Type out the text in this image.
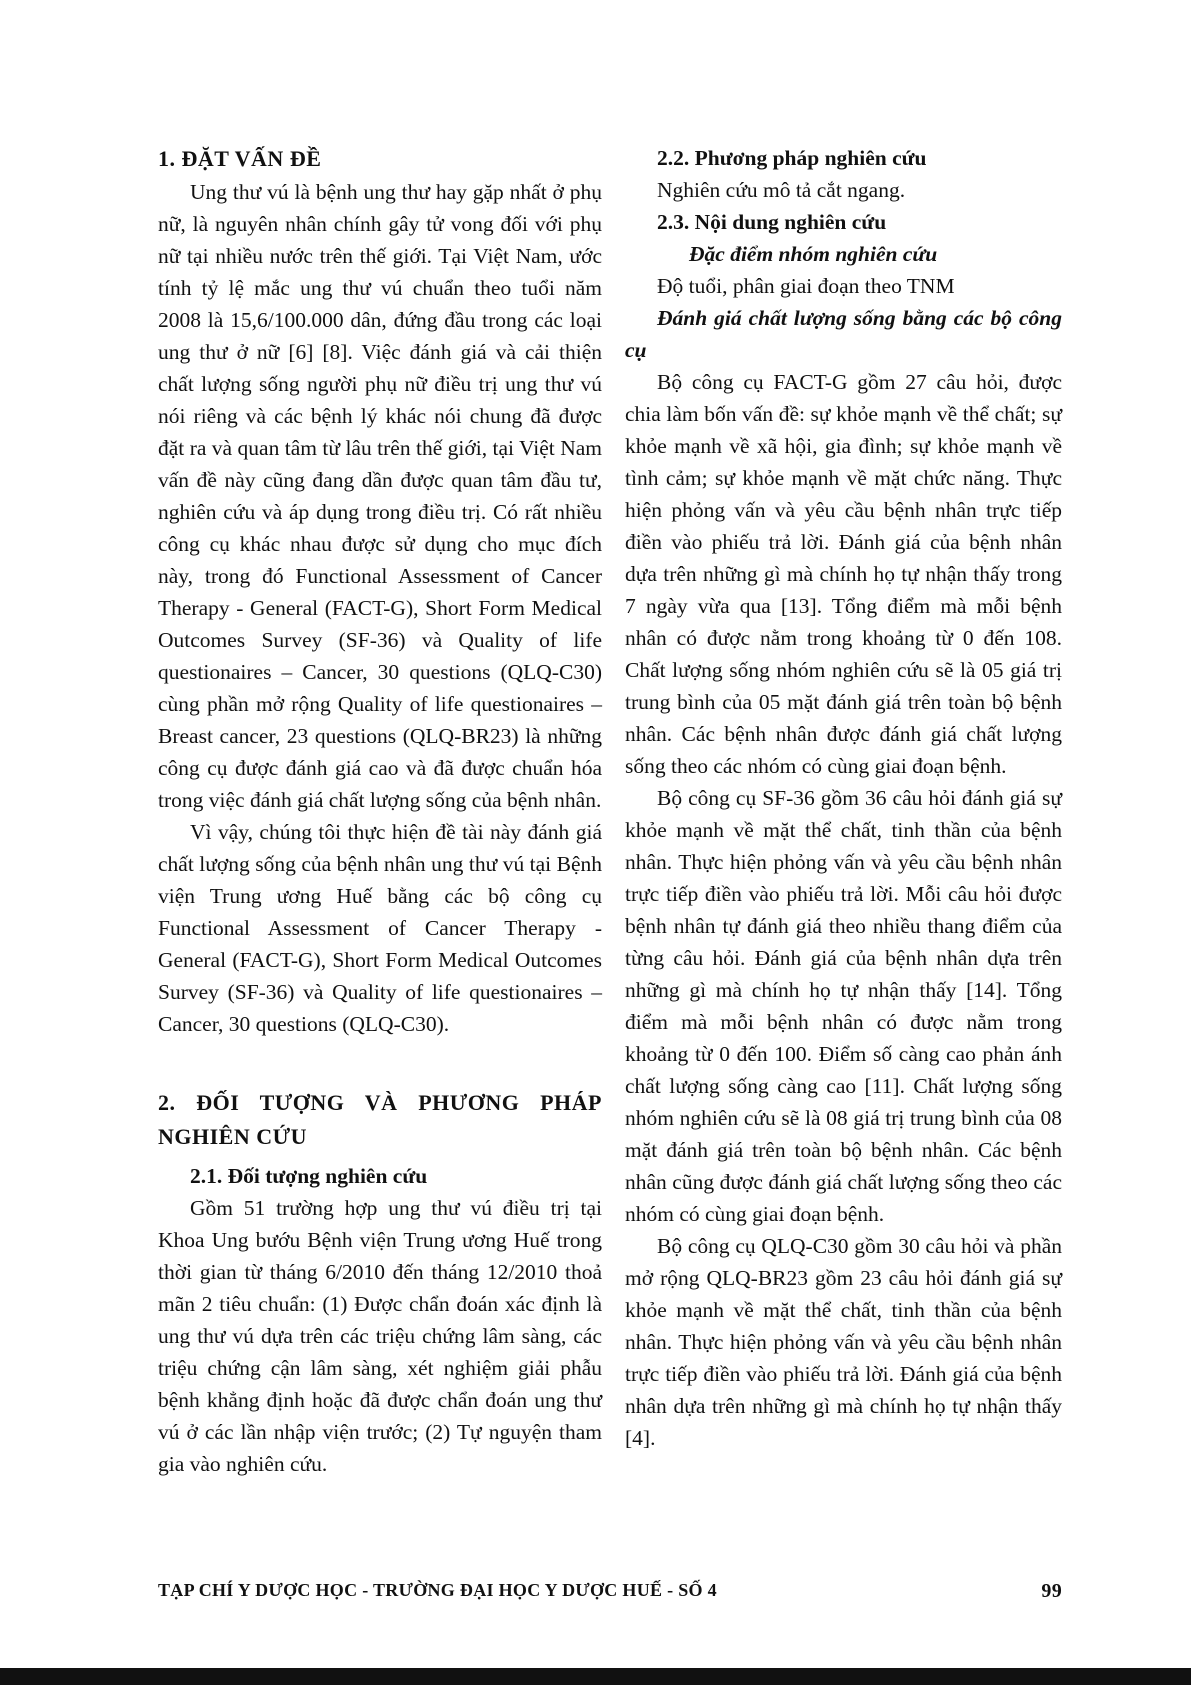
1. ĐẶT VẤN ĐỀ

Ung thư vú là bệnh ung thư hay gặp nhất ở phụ nữ, là nguyên nhân chính gây tử vong đối với phụ nữ tại nhiều nước trên thế giới. Tại Việt Nam, ước tính tỷ lệ mắc ung thư vú chuẩn theo tuổi năm 2008 là 15,6/100.000 dân, đứng đầu trong các loại ung thư ở nữ [6] [8]. Việc đánh giá và cải thiện chất lượng sống người phụ nữ điều trị ung thư vú nói riêng và các bệnh lý khác nói chung đã được đặt ra và quan tâm từ lâu trên thế giới, tại Việt Nam vấn đề này cũng đang dần được quan tâm đầu tư, nghiên cứu và áp dụng trong điều trị. Có rất nhiều công cụ khác nhau được sử dụng cho mục đích này, trong đó Functional Assessment of Cancer Therapy - General (FACT-G), Short Form Medical Outcomes Survey (SF-36) và Quality of life questionaires – Cancer, 30 questions (QLQ-C30) cùng phần mở rộng Quality of life questionaires – Breast cancer, 23 questions (QLQ-BR23) là những công cụ được đánh giá cao và đã được chuẩn hóa trong việc đánh giá chất lượng sống của bệnh nhân.

Vì vậy, chúng tôi thực hiện đề tài này đánh giá chất lượng sống của bệnh nhân ung thư vú tại Bệnh viện Trung ương Huế bằng các bộ công cụ Functional Assessment of Cancer Therapy - General (FACT-G), Short Form Medical Outcomes Survey (SF-36) và Quality of life questionaires – Cancer, 30 questions (QLQ-C30).

2. ĐỐI TƯỢNG VÀ PHƯƠNG PHÁP NGHIÊN CỨU
2.1. Đối tượng nghiên cứu

Gồm 51 trường hợp ung thư vú điều trị tại Khoa Ung bướu Bệnh viện Trung ương Huế trong thời gian từ tháng 6/2010 đến tháng 12/2010 thoả mãn 2 tiêu chuẩn: (1) Được chẩn đoán xác định là ung thư vú dựa trên các triệu chứng lâm sàng, các triệu chứng cận lâm sàng, xét nghiệm giải phẫu bệnh khẳng định hoặc đã được chẩn đoán ung thư vú ở các lần nhập viện trước; (2) Tự nguyện tham gia vào nghiên cứu.

2.2. Phương pháp nghiên cứu

Nghiên cứu mô tả cắt ngang.

2.3. Nội dung nghiên cứu

Đặc điểm nhóm nghiên cứu

Độ tuổi, phân giai đoạn theo TNM

Đánh giá chất lượng sống bằng các bộ công cụ

Bộ công cụ FACT-G gồm 27 câu hỏi, được chia làm bốn vấn đề: sự khỏe mạnh về thể chất; sự khỏe mạnh về xã hội, gia đình; sự khỏe mạnh về tình cảm; sự khỏe mạnh về mặt chức năng. Thực hiện phỏng vấn và yêu cầu bệnh nhân trực tiếp điền vào phiếu trả lời. Đánh giá của bệnh nhân dựa trên những gì mà chính họ tự nhận thấy trong 7 ngày vừa qua [13]. Tổng điểm mà mỗi bệnh nhân có được nằm trong khoảng từ 0 đến 108. Chất lượng sống nhóm nghiên cứu sẽ là 05 giá trị trung bình của 05 mặt đánh giá trên toàn bộ bệnh nhân. Các bệnh nhân được đánh giá chất lượng sống theo các nhóm có cùng giai đoạn bệnh.

Bộ công cụ SF-36 gồm 36 câu hỏi đánh giá sự khỏe mạnh về mặt thể chất, tinh thần của bệnh nhân. Thực hiện phỏng vấn và yêu cầu bệnh nhân trực tiếp điền vào phiếu trả lời. Mỗi câu hỏi được bệnh nhân tự đánh giá theo nhiều thang điểm của từng câu hỏi. Đánh giá của bệnh nhân dựa trên những gì mà chính họ tự nhận thấy [14]. Tổng điểm mà mỗi bệnh nhân có được nằm trong khoảng từ 0 đến 100. Điểm số càng cao phản ánh chất lượng sống càng cao [11]. Chất lượng sống nhóm nghiên cứu sẽ là 08 giá trị trung bình của 08 mặt đánh giá trên toàn bộ bệnh nhân. Các bệnh nhân cũng được đánh giá chất lượng sống theo các nhóm có cùng giai đoạn bệnh.

Bộ công cụ QLQ-C30 gồm 30 câu hỏi và phần mở rộng QLQ-BR23 gồm 23 câu hỏi đánh giá sự khỏe mạnh về mặt thể chất, tinh thần của bệnh nhân. Thực hiện phỏng vấn và yêu cầu bệnh nhân trực tiếp điền vào phiếu trả lời. Đánh giá của bệnh nhân dựa trên những gì mà chính họ tự nhận thấy [4].

TẠP CHÍ Y DƯỢC HỌC - TRƯỜNG ĐẠI HỌC Y DƯỢC HUẾ - SỐ 4	99
